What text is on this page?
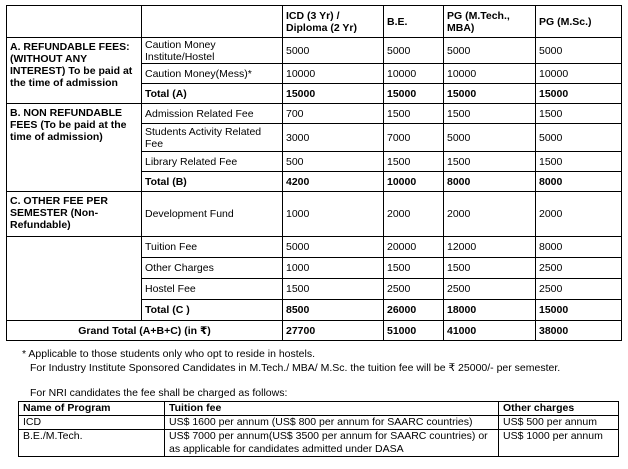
		ICD (3 Yr) / Diploma (2 Yr)	B.E.	PG (M.Tech., MBA)	PG (M.Sc.)
A. REFUNDABLE FEES: (WITHOUT ANY INTEREST) To be paid at the time of admission	Caution Money Institute/Hostel	5000	5000	5000	5000
	Caution Money(Mess)*	10000	10000	10000	10000
	Total (A)	15000	15000	15000	15000
B. NON REFUNDABLE FEES (To be paid at the time of admission)	Admission Related Fee	700	1500	1500	1500
	Students Activity Related Fee	3000	7000	5000	5000
	Library Related Fee	500	1500	1500	1500
	Total (B)	4200	10000	8000	8000
C. OTHER FEE PER SEMESTER (Non-Refundable)	Development Fund	1000	2000	2000	2000
	Tuition Fee	5000	20000	12000	8000
	Other Charges	1000	1500	1500	2500
	Hostel Fee	1500	2500	2500	2500
	Total (C )	8500	26000	18000	15000
Grand Total (A+B+C) (in ₹)		27700	51000	41000	38000
* Applicable to those students only who opt to reside in hostels.
For Industry Institute Sponsored Candidates in M.Tech./ MBA/ M.Sc. the tuition fee will be ₹ 25000/- per semester.
For NRI candidates the fee shall be charged as follows:
Name of Program	Tuition fee	Other charges
ICD	US$ 1600 per annum (US$ 800 per annum for SAARC countries)	US$ 500 per annum
B.E./M.Tech.	US$ 7000 per annum(US$ 3500 per annum for SAARC countries) or as applicable for candidates admitted under DASA	US$ 1000 per annum
